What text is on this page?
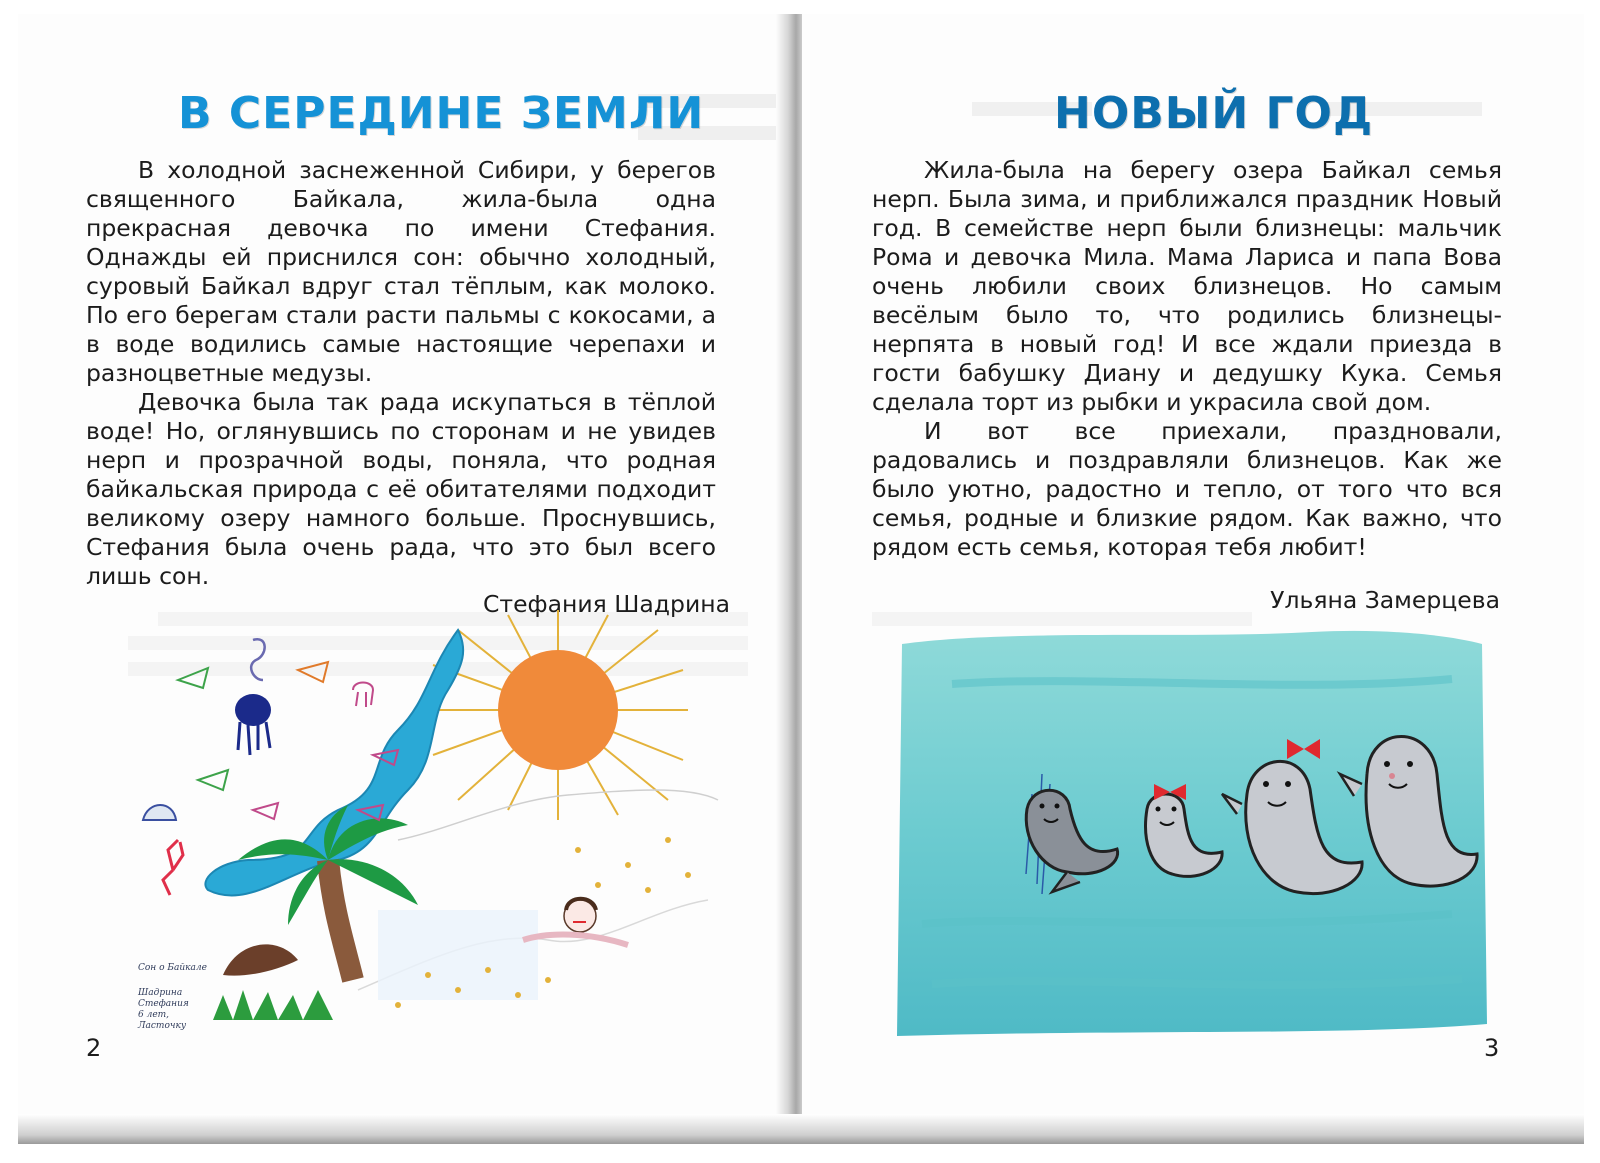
В СЕРЕДИНЕ ЗЕМЛИ

В холодной заснеженной Сибири, у берегов священного Байкала, жила-была одна прекрасная девочка по имени Стефания. Однажды ей приснился сон: обычно холодный, суровый Байкал вдруг стал тёплым, как молоко. По его берегам стали расти пальмы с кокосами, а в воде водились самые настоящие черепахи и разноцветные медузы.

Девочка была так рада искупаться в тёплой воде! Но, оглянувшись по сторонам и не увидев нерп и прозрачной воды, поняла, что родная байкальская природа с её обитателями подходит великому озеру намного больше. Проснувшись, Стефания была очень рада, что это был всего лишь сон.

Стефания Шадрина
Сон о Байкале
Шадрина
Стефания
6 лет,
Ласточку
2
НОВЫЙ ГОД

Жила-была на берегу озера Байкал семья нерп. Была зима, и приближался праздник Новый год. В семействе нерп были близнецы: мальчик Рома и девочка Мила. Мама Лариса и папа Вова очень любили своих близнецов. Но самым весёлым было то, что родились близнецы-нерпята в новый год! И все ждали приезда в гости бабушку Диану и дедушку Кука. Семья сделала торт из рыбки и украсила свой дом.

И вот все приехали, праздновали, радовались и поздравляли близнецов. Как же было уютно, радостно и тепло, от того что вся семья, родные и близкие рядом. Как важно, что рядом есть семья, которая тебя любит!

Ульяна Замерцева
3
